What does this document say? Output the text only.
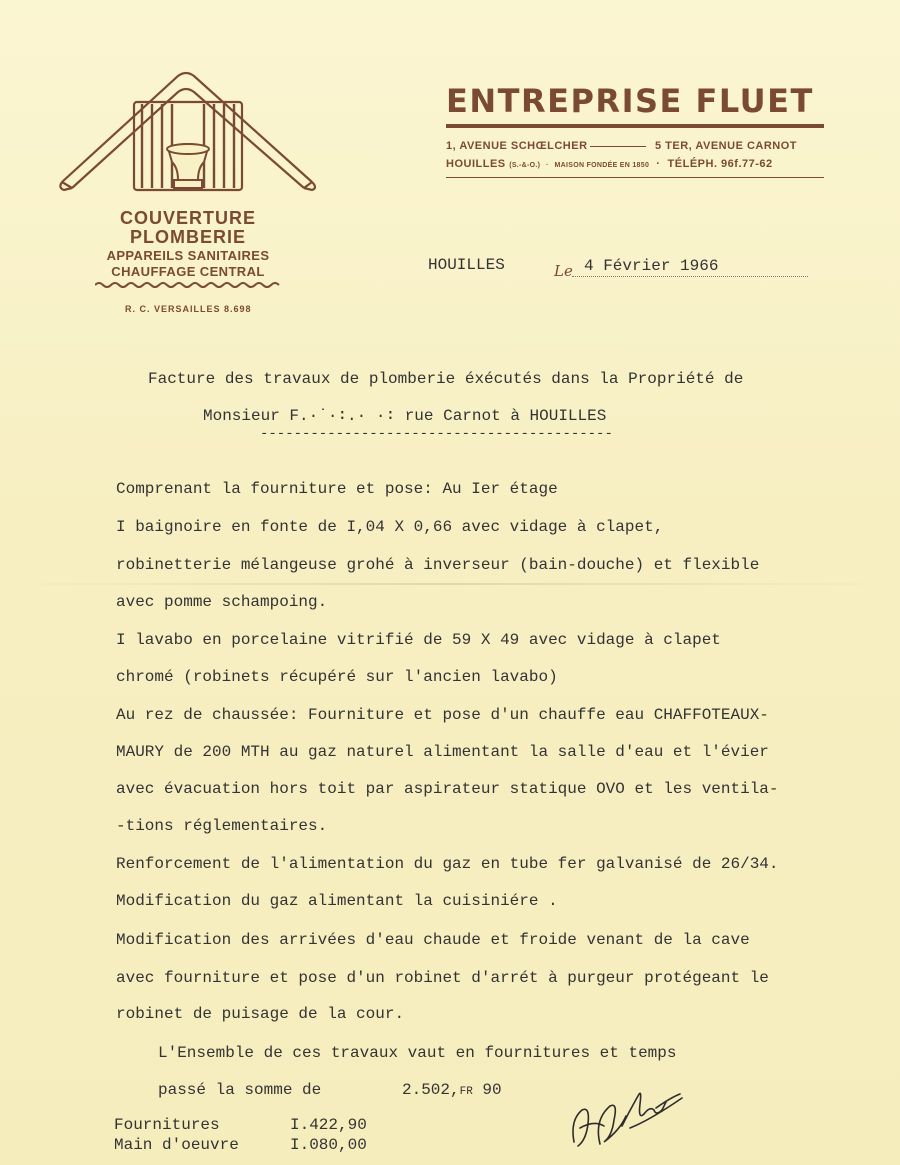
COUVERTURE
PLOMBERIE
APPAREILS SANITAIRES
CHAUFFAGE CENTRAL
R. C. VERSAILLES 8.698
ENTREPRISE FLUET
1, AVENUE SCHŒLCHER	5 TER, AVENUE CARNOT
HOUILLES (S.-&-O.)  ·  MAISON FONDÉE EN 1850  ·  TÉLÉPH. 96f.77-62
HOUILLES	Le 4 Février 1966
Facture des travaux de plomberie éxécutés dans la Propriété de
Monsieur F.·˙·∶.· ·∶ rue Carnot à HOUILLES
------------------------------------------
Comprenant la fourniture et pose: Au Ier étage
I baignoire en fonte de I,04 X 0,66 avec vidage à clapet,
robinetterie mélangeuse grohé à inverseur (bain-douche) et flexible
avec pomme schampoing.
I lavabo en porcelaine vitrifié de 59 X 49 avec vidage à clapet
chromé (robinets récupéré sur l'ancien lavabo)
Au rez de chaussée: Fourniture et pose d'un chauffe eau CHAFFOTEAUX-
MAURY de 200 MTH au gaz naturel alimentant la salle d'eau et l'évier
avec évacuation hors toit par aspirateur statique OVO et les ventila-
-tions réglementaires.
Renforcement de l'alimentation du gaz en tube fer galvanisé de 26/34.
Modification du gaz alimentant la cuisiniére .
Modification des arrivées d'eau chaude et froide venant de la cave
avec fourniture et pose d'un robinet d'arrét à purgeur protégeant le
robinet de puisage de la cour.
L'Ensemble de ces travaux vaut en fournitures et temps
passé la somme de	2.502,FR 90
Fournitures	I.422,90
Main d'oeuvre	I.080,00
